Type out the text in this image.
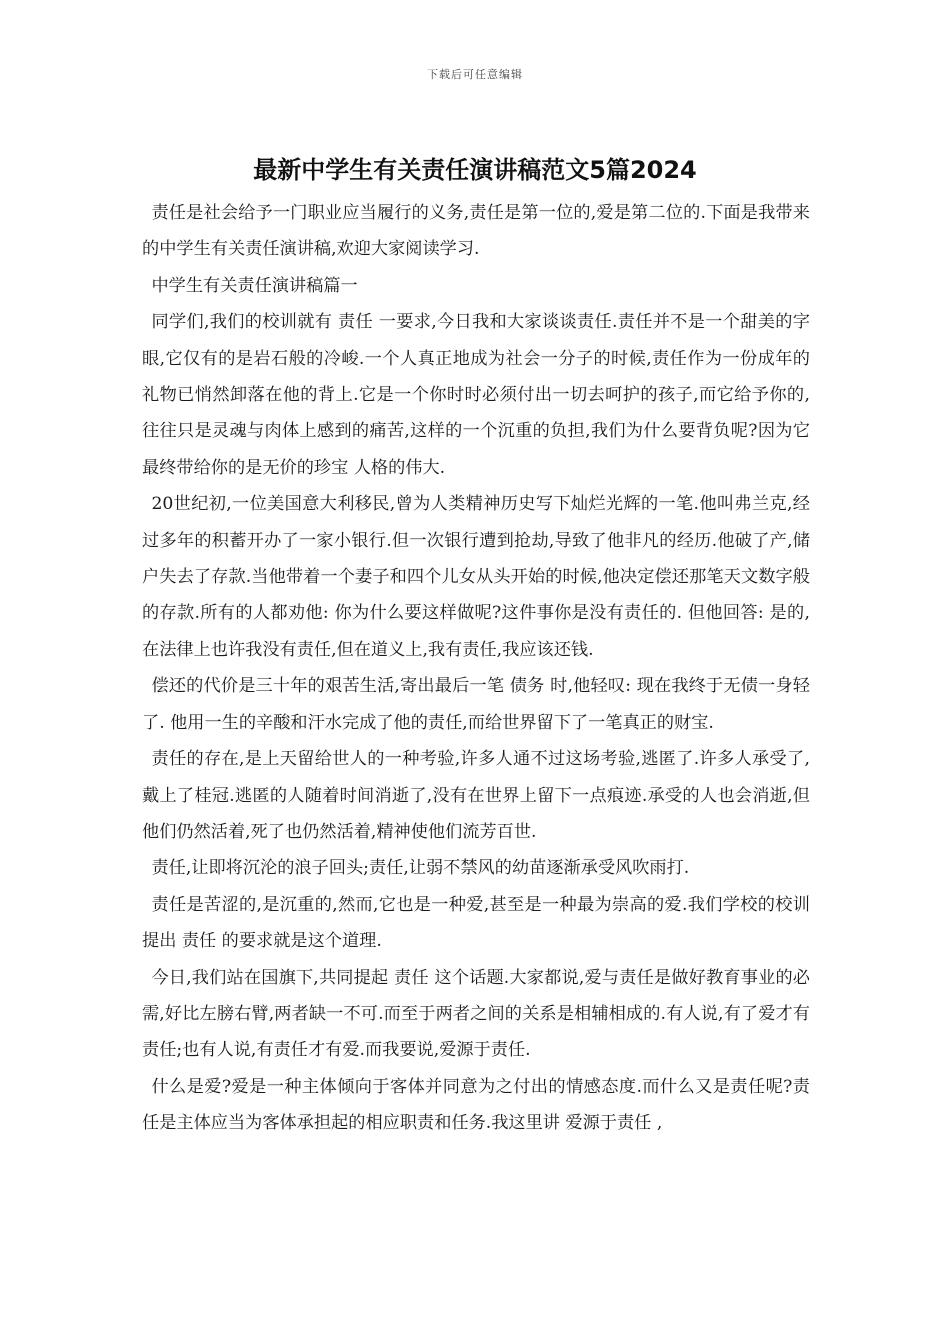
下载后可任意编辑
最新中学生有关责任演讲稿范文5篇2024

责任是社会给予一门职业应当履行的义务,责任是第一位的,爱是第二位的.下面是我带来的中学生有关责任演讲稿,欢迎大家阅读学习.

中学生有关责任演讲稿篇一

同学们,我们的校训就有 责任 一要求,今日我和大家谈谈责任.责任并不是一个甜美的字眼,它仅有的是岩石般的冷峻.一个人真正地成为社会一分子的时候,责任作为一份成年的礼物已悄然卸落在他的背上.它是一个你时时必须付出一切去呵护的孩子,而它给予你的,往往只是灵魂与肉体上感到的痛苦,这样的一个沉重的负担,我们为什么要背负呢?因为它最终带给你的是无价的珍宝 人格的伟大.

20世纪初,一位美国意大利移民,曾为人类精神历史写下灿烂光辉的一笔.他叫弗兰克,经过多年的积蓄开办了一家小银行.但一次银行遭到抢劫,导致了他非凡的经历.他破了产,储户失去了存款.当他带着一个妻子和四个儿女从头开始的时候,他决定偿还那笔天文数字般的存款.所有的人都劝他: 你为什么要这样做呢?这件事你是没有责任的. 但他回答: 是的,在法律上也许我没有责任,但在道义上,我有责任,我应该还钱.

偿还的代价是三十年的艰苦生活,寄出最后一笔 债务 时,他轻叹: 现在我终于无债一身轻了. 他用一生的辛酸和汗水完成了他的责任,而给世界留下了一笔真正的财宝.

责任的存在,是上天留给世人的一种考验,许多人通不过这场考验,逃匿了.许多人承受了,戴上了桂冠.逃匿的人随着时间消逝了,没有在世界上留下一点痕迹.承受的人也会消逝,但他们仍然活着,死了也仍然活着,精神使他们流芳百世.

责任,让即将沉沦的浪子回头;责任,让弱不禁风的幼苗逐渐承受风吹雨打.

责任是苦涩的,是沉重的,然而,它也是一种爱,甚至是一种最为崇高的爱.我们学校的校训提出 责任 的要求就是这个道理.

今日,我们站在国旗下,共同提起 责任 这个话题.大家都说,爱与责任是做好教育事业的必需,好比左膀右臂,两者缺一不可.而至于两者之间的关系是相辅相成的.有人说,有了爱才有责任;也有人说,有责任才有爱.而我要说,爱源于责任.

什么是爱?爱是一种主体倾向于客体并同意为之付出的情感态度.而什么又是责任呢?责任是主体应当为客体承担起的相应职责和任务.我这里讲 爱源于责任 ,
